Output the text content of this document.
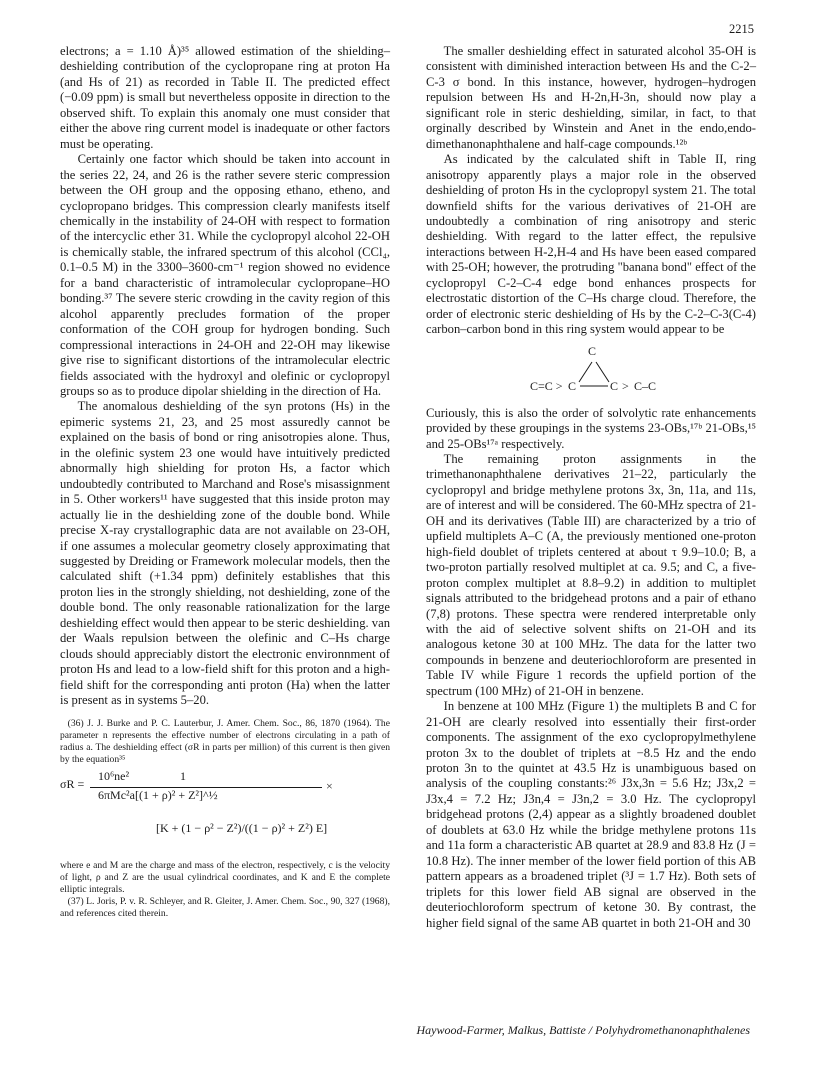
2215

electrons; a = 1.10 Å)³⁵ allowed estimation of the shielding–deshielding contribution of the cyclopropane ring at proton Ha (and Hs of 21) as recorded in Table II. The predicted effect (−0.09 ppm) is small but nevertheless opposite in direction to the observed shift. To explain this anomaly one must consider that either the above ring current model is inadequate or other factors must be operating.

Certainly one factor which should be taken into account in the series 22, 24, and 26 is the rather severe steric compression between the OH group and the opposing ethano, etheno, and cyclopropano bridges. This compression clearly manifests itself chemically in the instability of 24-OH with respect to formation of the intercyclic ether 31. While the cyclopropyl alcohol 22-OH is chemically stable, the infrared spectrum of this alcohol (CCl₄, 0.1–0.5 M) in the 3300–3600-cm⁻¹ region showed no evidence for a band characteristic of intramolecular cyclopropane–HO bonding.³⁷ The severe steric crowding in the cavity region of this alcohol apparently precludes formation of the proper conformation of the COH group for hydrogen bonding. Such compressional interactions in 24-OH and 22-OH may likewise give rise to significant distortions of the intramolecular electric fields associated with the hydroxyl and olefinic or cyclopropyl groups so as to produce dipolar shielding in the direction of Ha.

The anomalous deshielding of the syn protons (Hs) in the epimeric systems 21, 23, and 25 most assuredly cannot be explained on the basis of bond or ring anisotropies alone. Thus, in the olefinic system 23 one would have intuitively predicted abnormally high shielding for proton Hs, a factor which undoubtedly contributed to Marchand and Rose's misassignment in 5. Other workers¹¹ have suggested that this inside proton may actually lie in the deshielding zone of the double bond. While precise X-ray crystallographic data are not available on 23-OH, if one assumes a molecular geometry closely approximating that suggested by Dreiding or Framework molecular models, then the calculated shift (+1.34 ppm) definitely establishes that this proton lies in the strongly shielding, not deshielding, zone of the double bond. The only reasonable rationalization for the large deshielding effect would then appear to be steric deshielding. van der Waals repulsion between the olefinic and C–Hs charge clouds should appreciably distort the electronic environnment of proton Hs and lead to a low-field shift for this proton and a high-field shift for the corresponding anti proton (Ha) when the latter is present as in systems 5–20.

(36) J. J. Burke and P. C. Lauterbur, J. Amer. Chem. Soc., 86, 1870 (1964). The parameter n represents the effective number of electrons circulating in a path of radius a. The deshielding effect (σR in parts per million) of this current is then given by the equation³⁵

σR =
10⁶ne²	1
6πMc²a[(1 + ρ)² + Z²]^½
×
[K + (1 − ρ² − Z²)/((1 − ρ)² + Z²) E]

where e and M are the charge and mass of the electron, respectively, c is the velocity of light, ρ and Z are the usual cylindrical coordinates, and K and E the complete elliptic integrals.

(37) L. Joris, P. v. R. Schleyer, and R. Gleiter, J. Amer. Chem. Soc., 90, 327 (1968), and references cited therein.

The smaller deshielding effect in saturated alcohol 35-OH is consistent with diminished interaction between Hs and the C-2–C-3 σ bond. In this instance, however, hydrogen–hydrogen repulsion between Hs and H-2n,H-3n, should now play a significant role in steric deshielding, similar, in fact, to that orginally described by Winstein and Anet in the endo,endo-dimethanonaphthalene and half-cage compounds.¹²ᵇ

As indicated by the calculated shift in Table II, ring anisotropy apparently plays a major role in the observed deshielding of proton Hs in the cyclopropyl system 21. The total downfield shifts for the various derivatives of 21-OH are undoubtedly a combination of ring anisotropy and steric deshielding. With regard to the latter effect, the repulsive interactions between H-2,H-4 and Hs have been eased compared with 25-OH; however, the protruding "banana bond" effect of the cyclopropyl C-2–C-4 edge bond enhances prospects for electrostatic distortion of the C–Hs charge cloud. Therefore, the order of electronic steric deshielding of Hs by the C-2–C-3(C-4) carbon–carbon bond in this ring system would appear to be

C
C=C > C	C > C–C

Curiously, this is also the order of solvolytic rate enhancements provided by these groupings in the systems 23-OBs,¹⁷ᵇ 21-OBs,¹⁵ and 25-OBs¹⁷ᵃ respectively.

The remaining proton assignments in the trimethanonaphthalene derivatives 21–22, particularly the cyclopropyl and bridge methylene protons 3x, 3n, 11a, and 11s, are of interest and will be considered. The 60-MHz spectra of 21-OH and its derivatives (Table III) are characterized by a trio of upfield multiplets A–C (A, the previously mentioned one-proton high-field doublet of triplets centered at about τ 9.9–10.0; B, a two-proton partially resolved multiplet at ca. 9.5; and C, a five-proton complex multiplet at 8.8–9.2) in addition to multiplet signals attributed to the bridgehead protons and a pair of ethano (7,8) protons. These spectra were rendered interpretable only with the aid of selective solvent shifts on 21-OH and its analogous ketone 30 at 100 MHz. The data for the latter two compounds in benzene and deuteriochloroform are presented in Table IV while Figure 1 records the upfield portion of the spectrum (100 MHz) of 21-OH in benzene.

In benzene at 100 MHz (Figure 1) the multiplets B and C for 21-OH are clearly resolved into essentially their first-order components. The assignment of the exo cyclopropylmethylene proton 3x to the doublet of triplets at −8.5 Hz and the endo proton 3n to the quintet at 43.5 Hz is unambiguous based on analysis of the coupling constants:²⁶ J3x,3n = 5.6 Hz; J3x,2 = J3x,4 = 7.2 Hz; J3n,4 = J3n,2 = 3.0 Hz. The cyclopropyl bridgehead protons (2,4) appear as a slightly broadened doublet of doublets at 63.0 Hz while the bridge methylene protons 11s and 11a form a characteristic AB quartet at 28.9 and 83.8 Hz (J = 10.8 Hz). The inner member of the lower field portion of this AB pattern appears as a broadened triplet (³J = 1.7 Hz). Both sets of triplets for this lower field AB signal are observed in the deuteriochloroform spectrum of ketone 30. By contrast, the higher field signal of the same AB quartet in both 21-OH and 30

Haywood-Farmer, Malkus, Battiste / Polyhydromethanonaphthalenes
